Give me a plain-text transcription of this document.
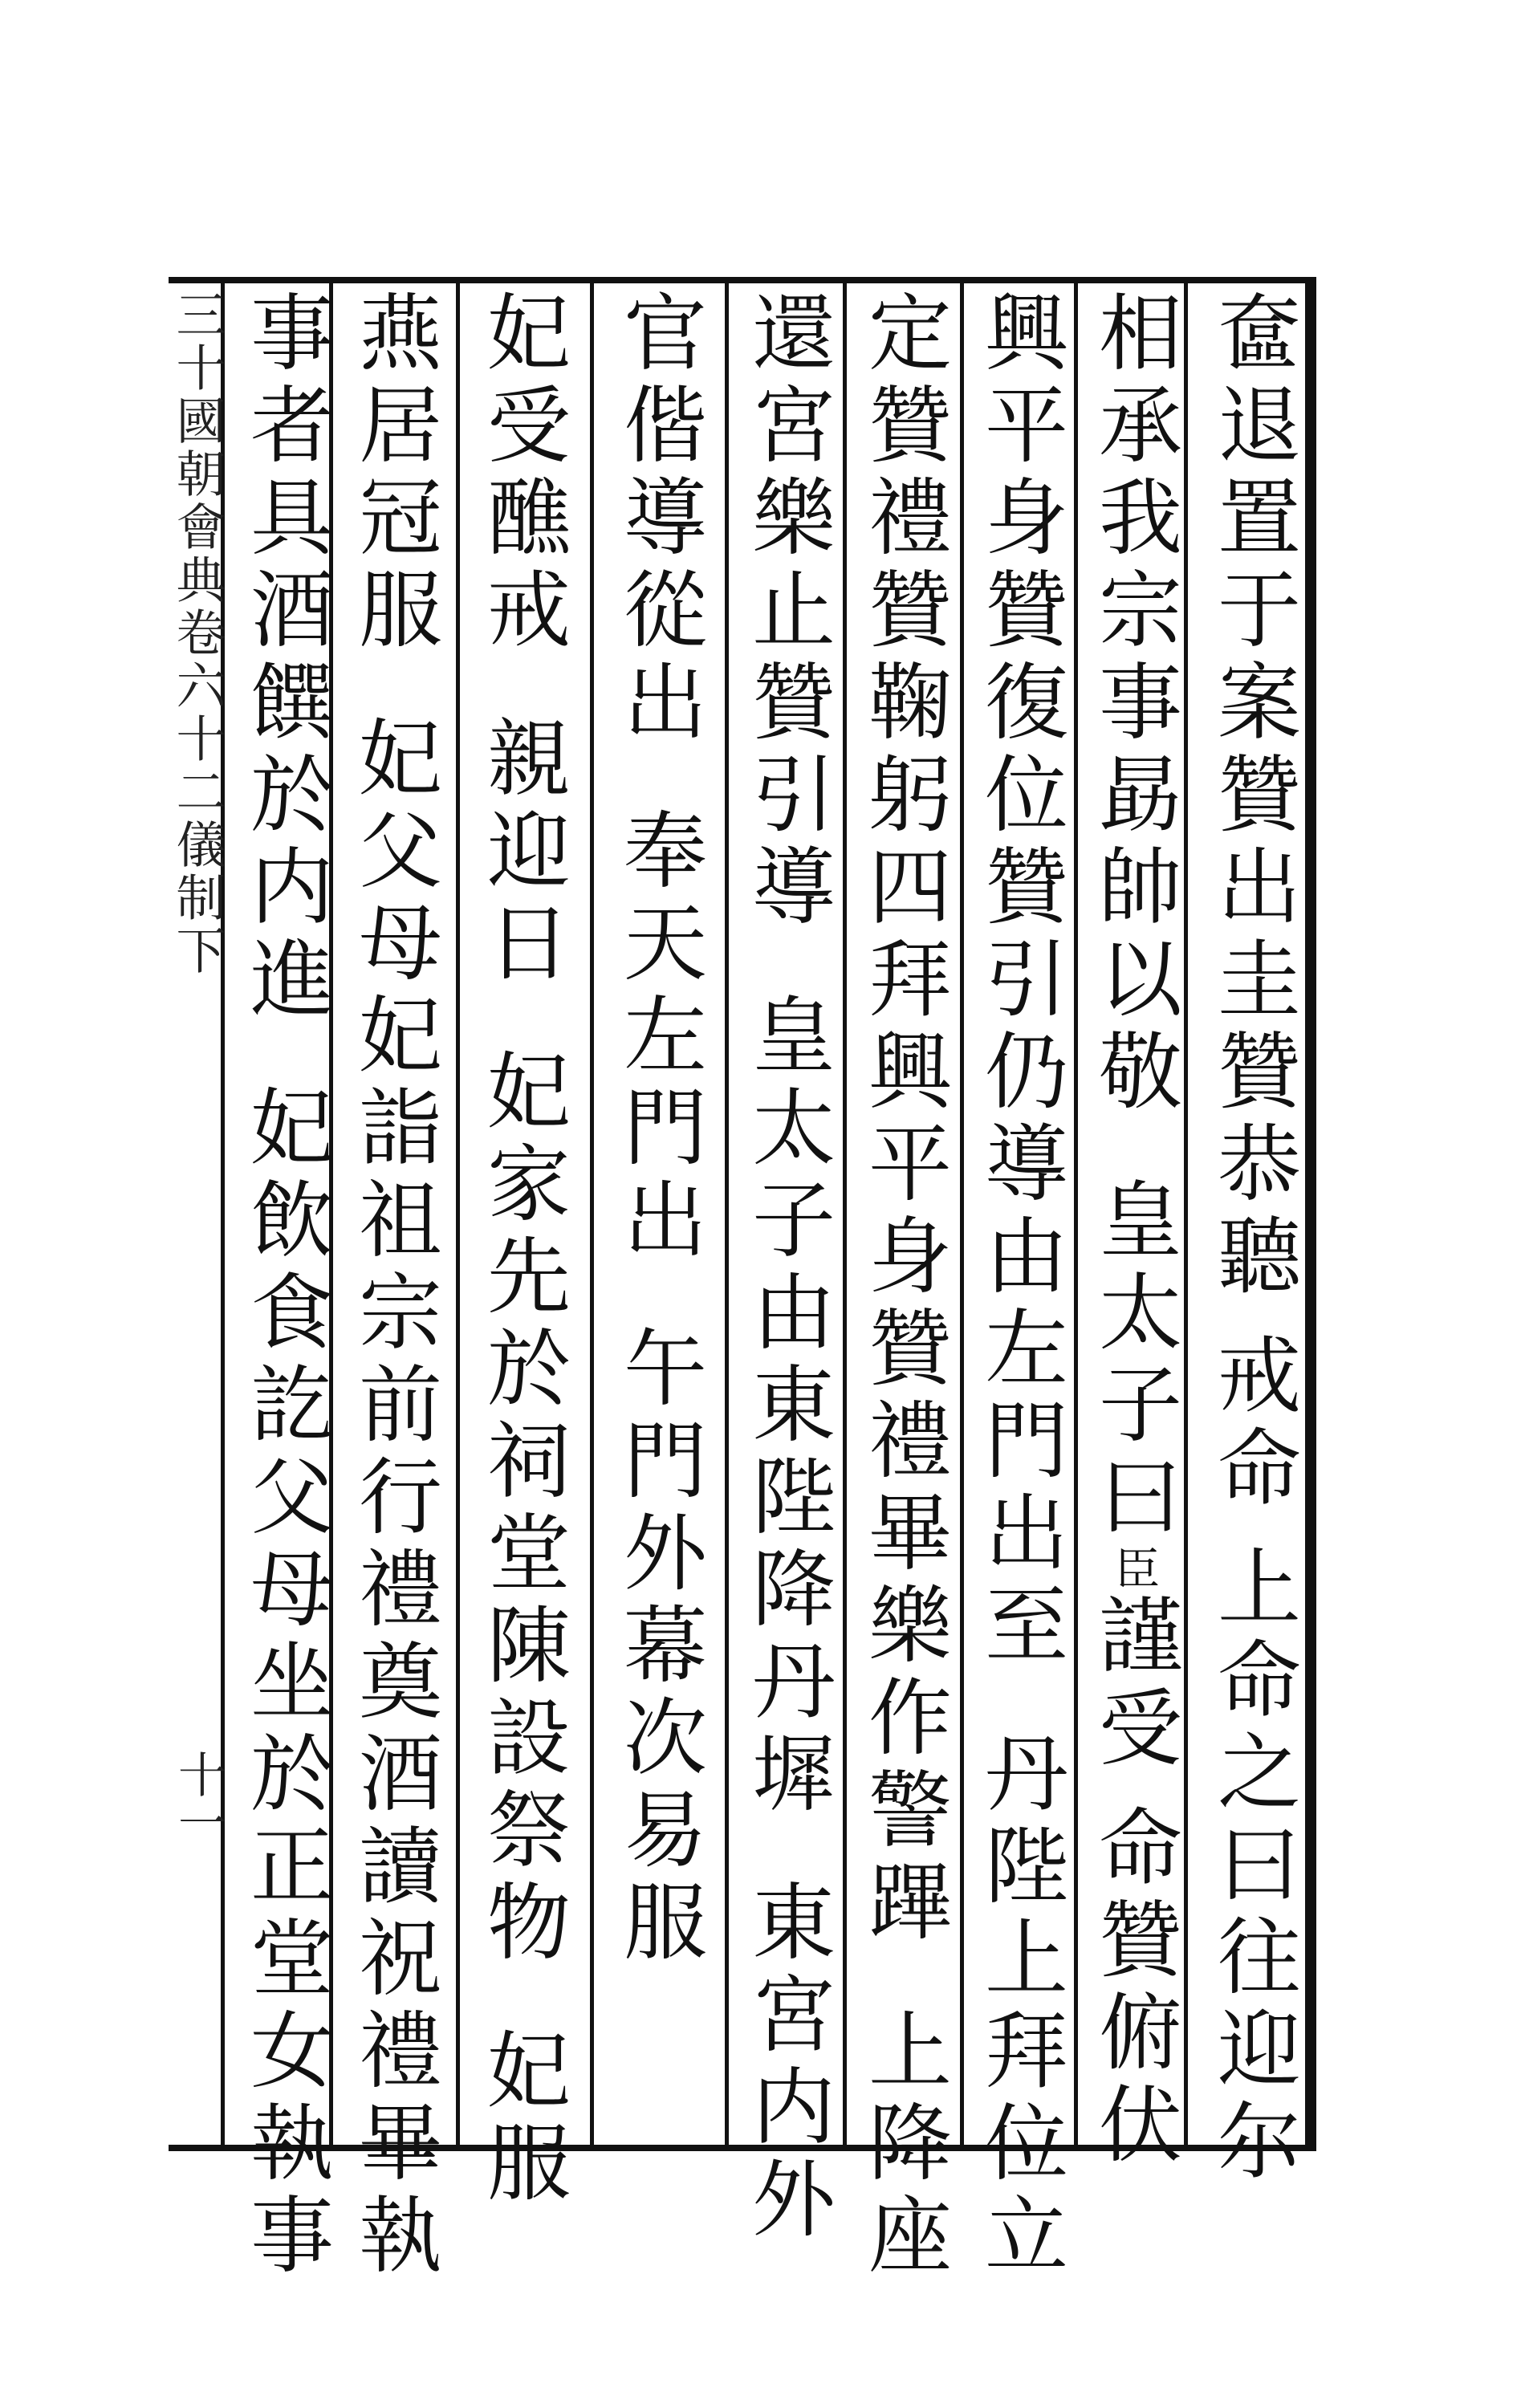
奩退置于案贊出圭贊恭聽
戒命
上命之曰往迎尔
相承我宗事勗帥以敬
皇太子曰
臣
謹受
命贊俯伏
興平身贊復位贊引仍導由左門出至
丹陛上拜位立
定贊禮贊鞠躬四拜興平身贊禮畢樂作警蹕
上降座
還宮樂止贊引導
皇太子由東陛降丹墀
東宮内外
官偕導從出
奉天左門出
午門外幕次易服
妃受醮戒
親迎日
妃家先於祠堂陳設祭物
妃服
燕居冠服
妃父母妃詣祖宗前行禮奠酒讀祝禮畢執
事者具酒饌於内進
妃飲食訖父母坐於正堂女執事
三十國朝會典卷六十二儀制下
十一
